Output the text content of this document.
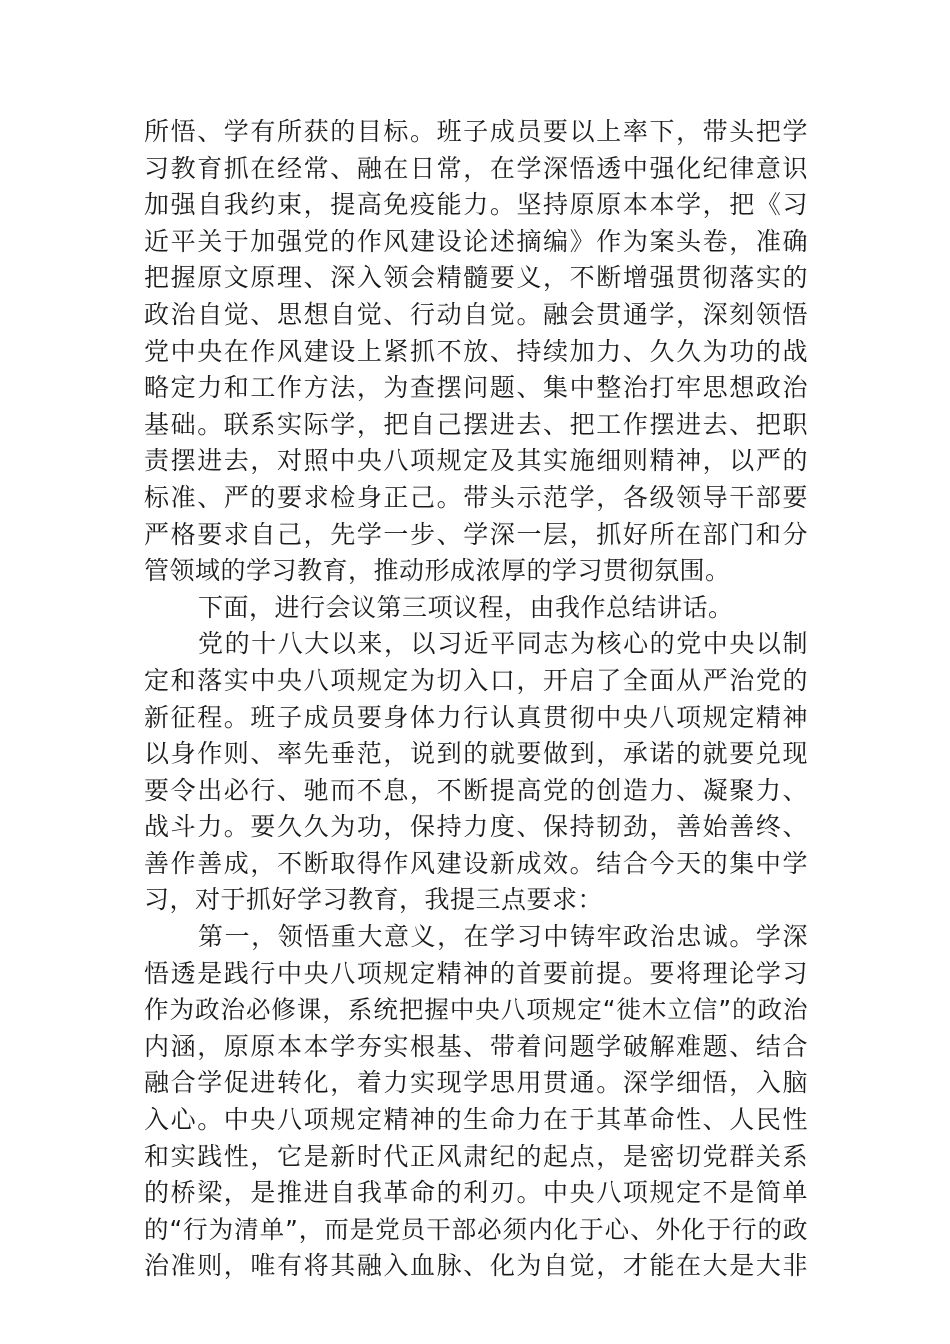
所悟、学有所获的目标。班子成员要以上率下，带头把学
习教育抓在经常、融在日常，在学深悟透中强化纪律意识
加强自我约束，提高免疫能力。坚持原原本本学，把《习
近平关于加强党的作风建设论述摘编》作为案头卷，准确
把握原文原理、深入领会精髓要义，不断增强贯彻落实的
政治自觉、思想自觉、行动自觉。融会贯通学，深刻领悟
党中央在作风建设上紧抓不放、持续加力、久久为功的战
略定力和工作方法，为查摆问题、集中整治打牢思想政治
基础。联系实际学，把自己摆进去、把工作摆进去、把职
责摆进去，对照中央八项规定及其实施细则精神，以严的
标准、严的要求检身正己。带头示范学，各级领导干部要
严格要求自己，先学一步、学深一层，抓好所在部门和分
管领域的学习教育，推动形成浓厚的学习贯彻氛围。
下面，进行会议第三项议程，由我作总结讲话。
党的十八大以来，以习近平同志为核心的党中央以制
定和落实中央八项规定为切入口，开启了全面从严治党的
新征程。班子成员要身体力行认真贯彻中央八项规定精神
以身作则、率先垂范，说到的就要做到，承诺的就要兑现
要令出必行、驰而不息，不断提高党的创造力、凝聚力、
战斗力。要久久为功，保持力度、保持韧劲，善始善终、
善作善成，不断取得作风建设新成效。结合今天的集中学
习，对于抓好学习教育，我提三点要求：
第一，领悟重大意义，在学习中铸牢政治忠诚。学深
悟透是践行中央八项规定精神的首要前提。要将理论学习
作为政治必修课，系统把握中央八项规定“徙木立信”的政治
内涵，原原本本学夯实根基、带着问题学破解难题、结合
融合学促进转化，着力实现学思用贯通。深学细悟，入脑
入心。中央八项规定精神的生命力在于其革命性、人民性
和实践性，它是新时代正风肃纪的起点，是密切党群关系
的桥梁，是推进自我革命的利刃。中央八项规定不是简单
的“行为清单”，而是党员干部必须内化于心、外化于行的政
治准则，唯有将其融入血脉、化为自觉，才能在大是大非
